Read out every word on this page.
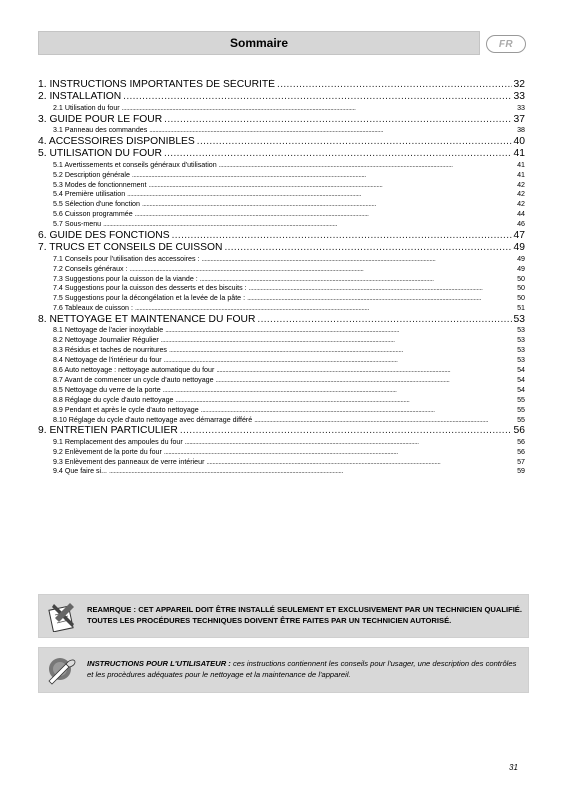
Sommaire	FR
1. INSTRUCTIONS IMPORTANTES DE SÉCURITÉ . . .	32
2. INSTALLATION . . .	33
2.1 Utilisation du four . . .	33
3. GUIDE POUR LE FOUR . . .	37
3.1 Panneau des commandes . . .	38
4. ACCESSOIRES DISPONIBLES . . .	40
5. UTILISATION DU FOUR . . .	41
5.1 Avertissements et conseils généraux d'utilisation . . .	41
5.2 Description générale . . .	41
5.3 Modes de fonctionnement . . .	42
5.4 Première utilisation . . .	42
5.5 Sélection d'une fonction . . .	42
5.6 Cuisson programmée . . .	44
5.7 Sous-menu . . .	46
6. GUIDE DES FONCTIONS . . .	47
7. TRUCS ET CONSEILS DE CUISSON . . .	49
7.1 Conseils pour l'utilisation des accessoires : . . .	49
7.2 Conseils généraux : . . .	49
7.3 Suggestions pour la cuisson de la viande : . . .	50
7.4 Suggestions pour la cuisson des desserts et des biscuits : . . .	50
7.5 Suggestions pour la décongélation et la levée de la pâte : . . .	50
7.6 Tableaux de cuisson : . . .	51
8. NETTOYAGE ET MAINTENANCE DU FOUR . . .	53
8.1 Nettoyage de l'acier inoxydable . . .	53
8.2 Nettoyage Journalier Régulier . . .	53
8.3 Résidus et taches de nourritures . . .	53
8.4 Nettoyage de l'intérieur du four . . .	53
8.6 Auto nettoyage : nettoyage automatique du four . . .	54
8.7 Avant de commencer un cycle d'auto nettoyage . . .	54
8.5 Nettoyage du verre de la porte . . .	54
8.8 Réglage du cycle d'auto nettoyage . . .	55
8.9 Pendant et après le cycle d'auto nettoyage . . .	55
8.10 Réglage du cycle d'auto nettoyage avec démarrage différé . . .	55
9. ENTRETIEN PARTICULIER . . .	56
9.1 Remplacement des ampoules du four . . .	56
9.2 Enlèvement de la porte du four . . .	56
9.3 Enlèvement des panneaux de verre intérieur . . .	57
9.4 Que faire si... . . .	59
REAMRQUE : CET APPAREIL DOIT ÊTRE INSTALLÉ SEULEMENT ET EXCLUSIVEMENT PAR UN TECHNICIEN QUALIFIÉ. TOUTES LES PROCÉDURES TECHNIQUES DOIVENT ÊTRE FAITES PAR UN TECHNICIEN AUTORISÉ.
INSTRUCTIONS POUR L'UTILISATEUR : ces instructions contiennent les conseils pour l'usager, une description des contrôles et les procèdures adéquates pour le nettoyage et la maintenance de l'appareil.
31
